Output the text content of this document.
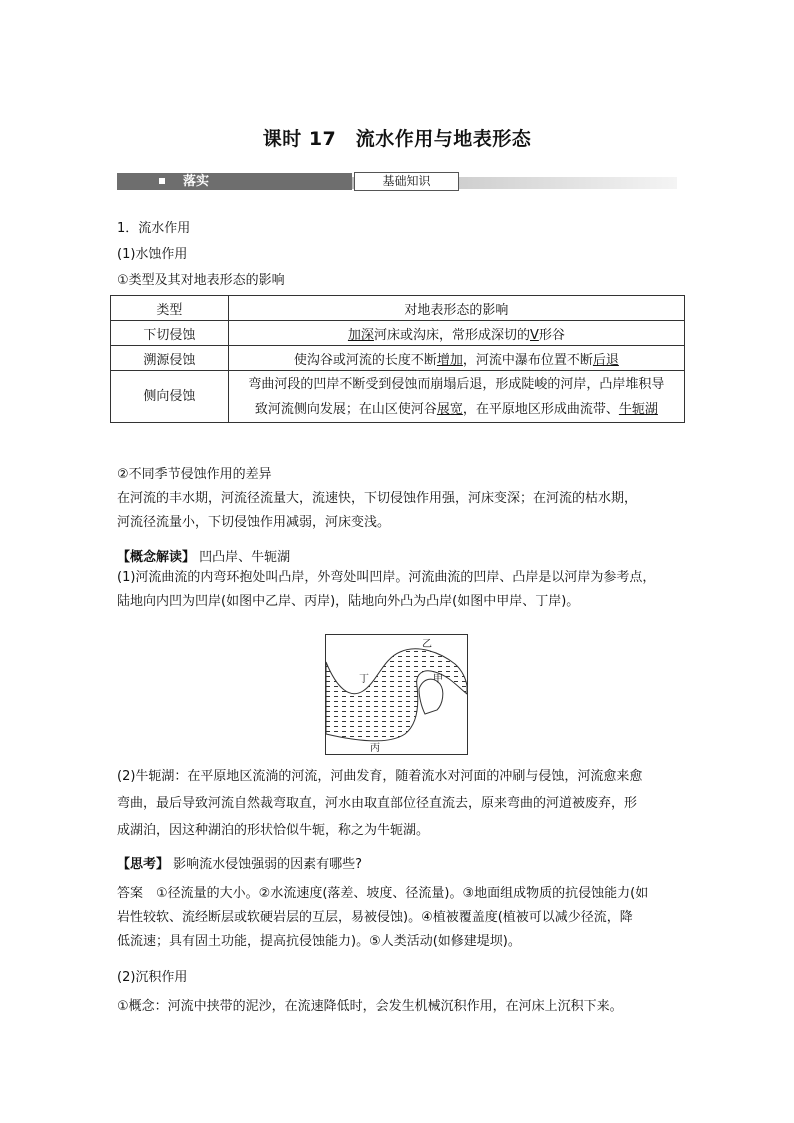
课时 17　流水作用与地表形态
落实	基础知识
1．流水作用
(1)水蚀作用
①类型及其对地表形态的影响
类型	对地表形态的影响
下切侵蚀	加深河床或沟床，常形成深切的V形谷
溯源侵蚀	使沟谷或河流的长度不断增加，河流中瀑布位置不断后退
侧向侵蚀	弯曲河段的凹岸不断受到侵蚀而崩塌后退，形成陡峻的河岸，凸岸堆积导
致河流侧向发展；在山区使河谷展宽，在平原地区形成曲流带、牛轭湖
②不同季节侵蚀作用的差异
在河流的丰水期，河流径流量大，流速快，下切侵蚀作用强，河床变深；在河流的枯水期，
河流径流量小，下切侵蚀作用减弱，河床变浅。
【概念解读】 凹凸岸、牛轭湖
(1)河流曲流的内弯环抱处叫凸岸，外弯处叫凹岸。河流曲流的凹岸、凸岸是以河岸为参考点，
陆地向内凹为凹岸(如图中乙岸、丙岸)，陆地向外凸为凸岸(如图中甲岸、丁岸)。
乙
丁	甲
丙
(2)牛轭湖：在平原地区流淌的河流，河曲发育，随着流水对河面的冲刷与侵蚀，河流愈来愈
弯曲，最后导致河流自然裁弯取直，河水由取直部位径直流去，原来弯曲的河道被废弃，形
成湖泊，因这种湖泊的形状恰似牛轭，称之为牛轭湖。
【思考】 影响流水侵蚀强弱的因素有哪些?
答案　 ①径流量的大小。②水流速度(落差、坡度、径流量)。③地面组成物质的抗侵蚀能力(如
岩性较软、流经断层或软硬岩层的互层，易被侵蚀)。④植被覆盖度(植被可以减少径流，降
低流速；具有固土功能，提高抗侵蚀能力)。⑤人类活动(如修建堤坝)。
(2)沉积作用
①概念：河流中挟带的泥沙，在流速降低时，会发生机械沉积作用，在河床上沉积下来。
